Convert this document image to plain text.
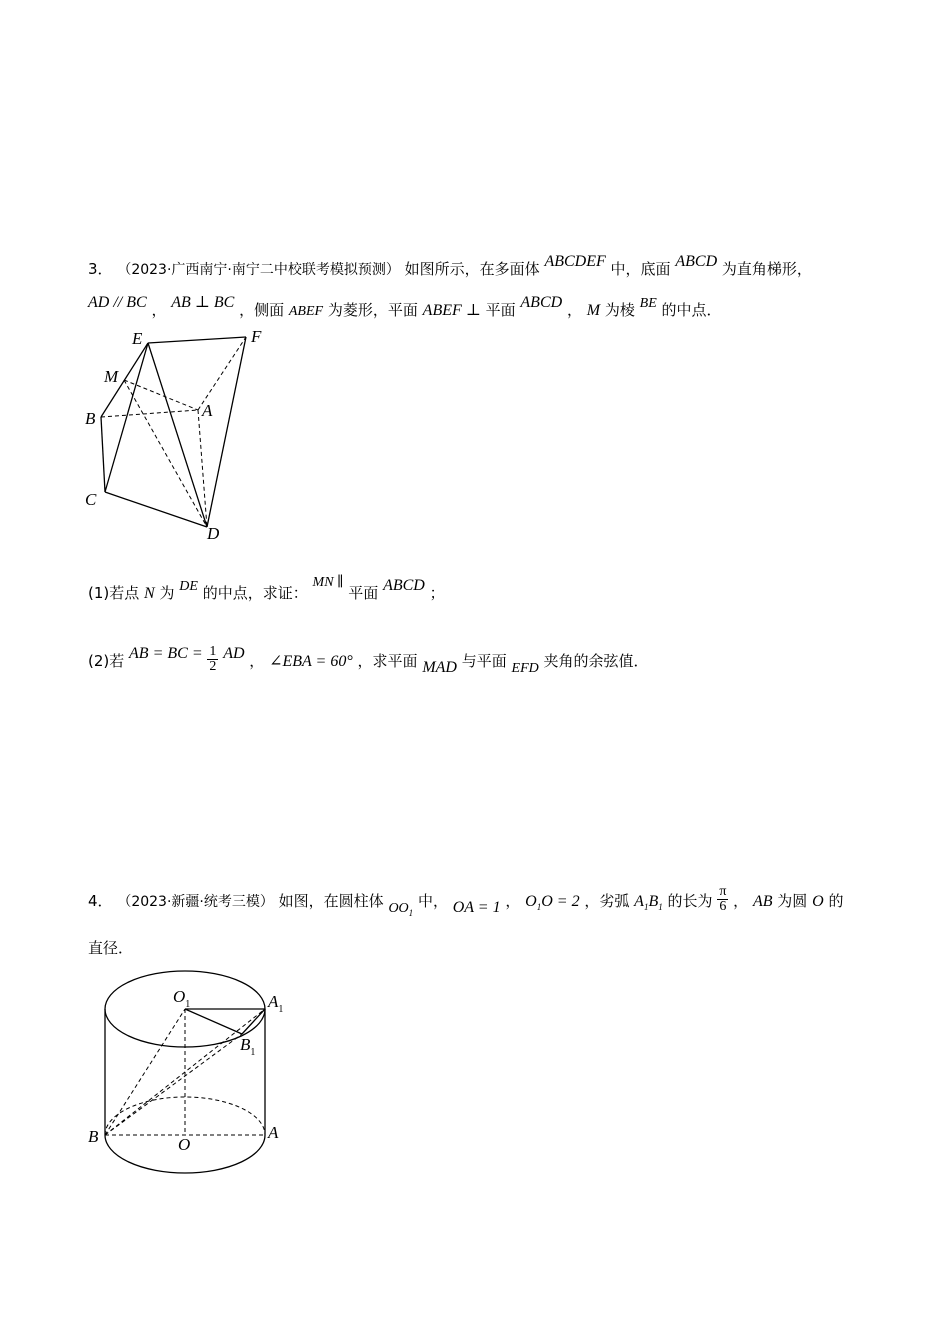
3． （2023·广西南宁·南宁二中校联考模拟预测） 如图所示，在多面体 ABCDEF 中，底面 ABCD 为直角梯形，
AD // BC ， AB ⊥ BC ，侧面 ABEF 为菱形，平面 ABEF ⊥ 平面 ABCD ， M 为棱 BE 的中点．
E	F
M
A
B
C
D
(1)若点 N 为 DE 的中点，求证： MN ∥ 平面 ABCD ；
(2)若 AB = BC = $\frac{1}{2}$ AD ， ∠EBA = 60° ，求平面 MAD 与平面 EFD 夹角的余弦值．
4． （2023·新疆·统考三模） 如图，在圆柱体 $OO_1$ 中， OA = 1 ， $O_1O = 2$ ，劣弧 $A_1B_1$ 的长为 $\frac{\pi}{6}$ ， AB 为圆 O 的
直径．
$O_1$	$A_1$
$B_1$
B	O
A
